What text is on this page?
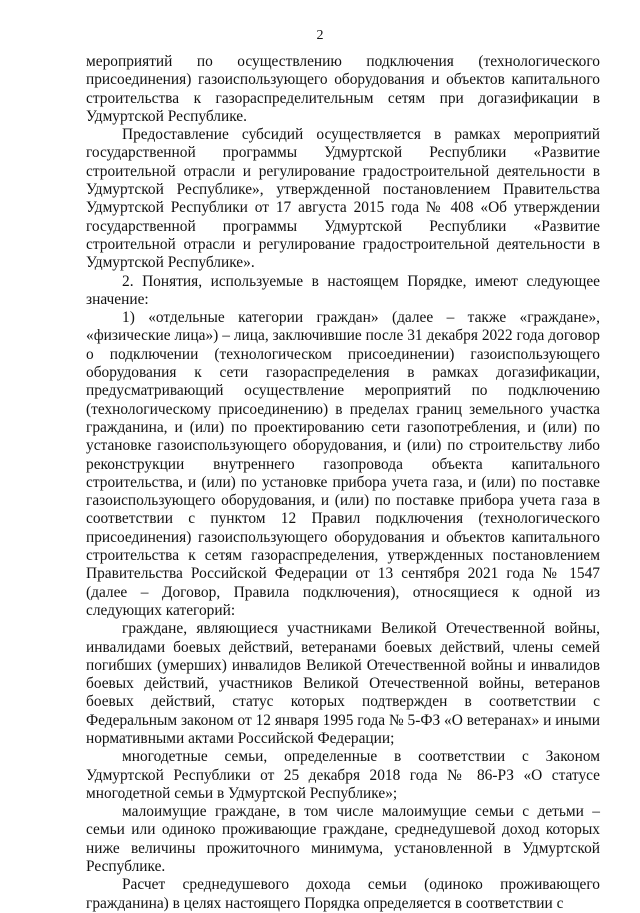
2

мероприятий по осуществлению подключения (технологического присоединения) газоиспользующего оборудования и объектов капитального строительства к газораспределительным сетям при догазификации в Удмуртской Республике.

Предоставление субсидий осуществляется в рамках мероприятий государственной программы Удмуртской Республики «Развитие строительной отрасли и регулирование градостроительной деятельности в Удмуртской Республике», утвержденной постановлением Правительства Удмуртской Республики от 17 августа 2015 года № 408 «Об утверждении государственной программы Удмуртской Республики «Развитие строительной отрасли и регулирование градостроительной деятельности в Удмуртской Республике».

2. Понятия, используемые в настоящем Порядке, имеют следующее значение:

1) «отдельные категории граждан» (далее – также «граждане», «физические лица») – лица, заключившие после 31 декабря 2022 года договор о подключении (технологическом присоединении) газоиспользующего оборудования к сети газораспределения в рамках догазификации, предусматривающий осуществление мероприятий по подключению (технологическому присоединению) в пределах границ земельного участка гражданина, и (или) по проектированию сети газопотребления, и (или) по установке газоиспользующего оборудования, и (или) по строительству либо реконструкции внутреннего газопровода объекта капитального строительства, и (или) по установке прибора учета газа, и (или) по поставке газоиспользующего оборудования, и (или) по поставке прибора учета газа в соответствии с пунктом 12 Правил подключения (технологического присоединения) газоиспользующего оборудования и объектов капитального строительства к сетям газораспределения, утвержденных постановлением Правительства Российской Федерации от 13 сентября 2021 года № 1547 (далее – Договор, Правила подключения), относящиеся к одной из следующих категорий:

граждане, являющиеся участниками Великой Отечественной войны, инвалидами боевых действий, ветеранами боевых действий, члены семей погибших (умерших) инвалидов Великой Отечественной войны и инвалидов боевых действий, участников Великой Отечественной войны, ветеранов боевых действий, статус которых подтвержден в соответствии с Федеральным законом от 12 января 1995 года № 5-ФЗ «О ветеранах» и иными нормативными актами Российской Федерации;

многодетные семьи, определенные в соответствии с Законом Удмуртской Республики от 25 декабря 2018 года № 86-РЗ «О статусе многодетной семьи в Удмуртской Республике»;

малоимущие граждане, в том числе малоимущие семьи с детьми – семьи или одиноко проживающие граждане, среднедушевой доход которых ниже величины прожиточного минимума, установленной в Удмуртской Республике.

Расчет среднедушевого дохода семьи (одиноко проживающего гражданина) в целях настоящего Порядка определяется в соответствии с
